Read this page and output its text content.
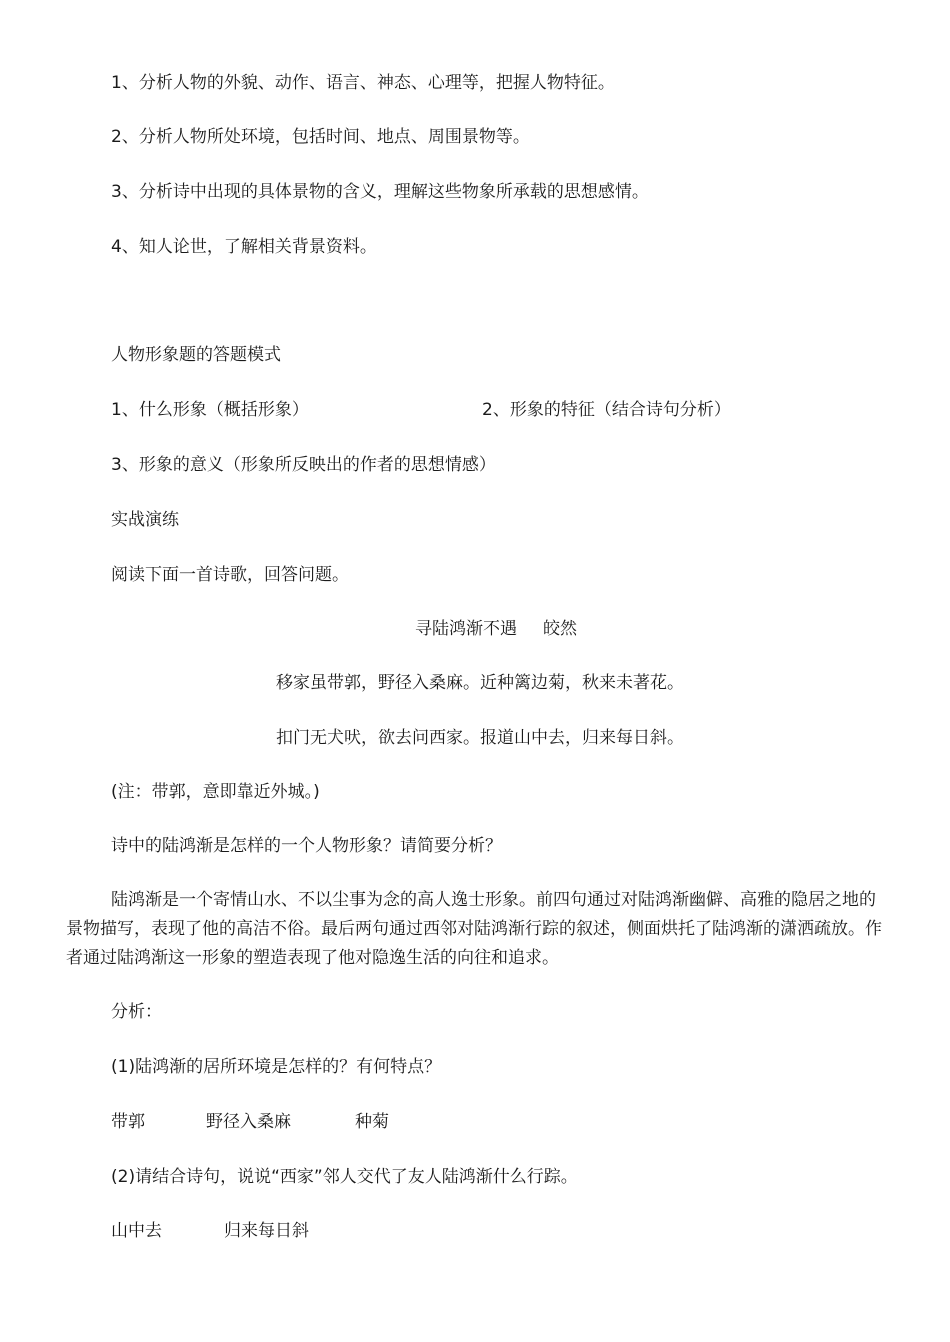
1、分析人物的外貌、动作、语言、神态、心理等，把握人物特征。
2、分析人物所处环境，包括时间、地点、周围景物等。
3、分析诗中出现的具体景物的含义，理解这些物象所承载的思想感情。
4、知人论世，了解相关背景资料。
人物形象题的答题模式
1、什么形象（概括形象）	2、形象的特征（结合诗句分析）
3、形象的意义（形象所反映出的作者的思想情感）
实战演练
阅读下面一首诗歌，回答问题。
寻陆鸿渐不遇 皎然
移家虽带郭，野径入桑麻。近种篱边菊，秋来未著花。
扣门无犬吠，欲去问西家。报道山中去，归来每日斜。
(注：带郭，意即靠近外城。)
诗中的陆鸿渐是怎样的一个人物形象？请简要分析？
陆鸿渐是一个寄情山水、不以尘事为念的高人逸士形象。前四句通过对陆鸿渐幽僻、高雅的隐居之地的景物描写，表现了他的高洁不俗。最后两句通过西邻对陆鸿渐行踪的叙述，侧面烘托了陆鸿渐的潇洒疏放。作者通过陆鸿渐这一形象的塑造表现了他对隐逸生活的向往和追求。
分析：
(1)陆鸿渐的居所环境是怎样的？有何特点？
带郭	野径入桑麻	种菊
(2)请结合诗句，说说“西家”邻人交代了友人陆鸿渐什么行踪。
山中去	归来每日斜
